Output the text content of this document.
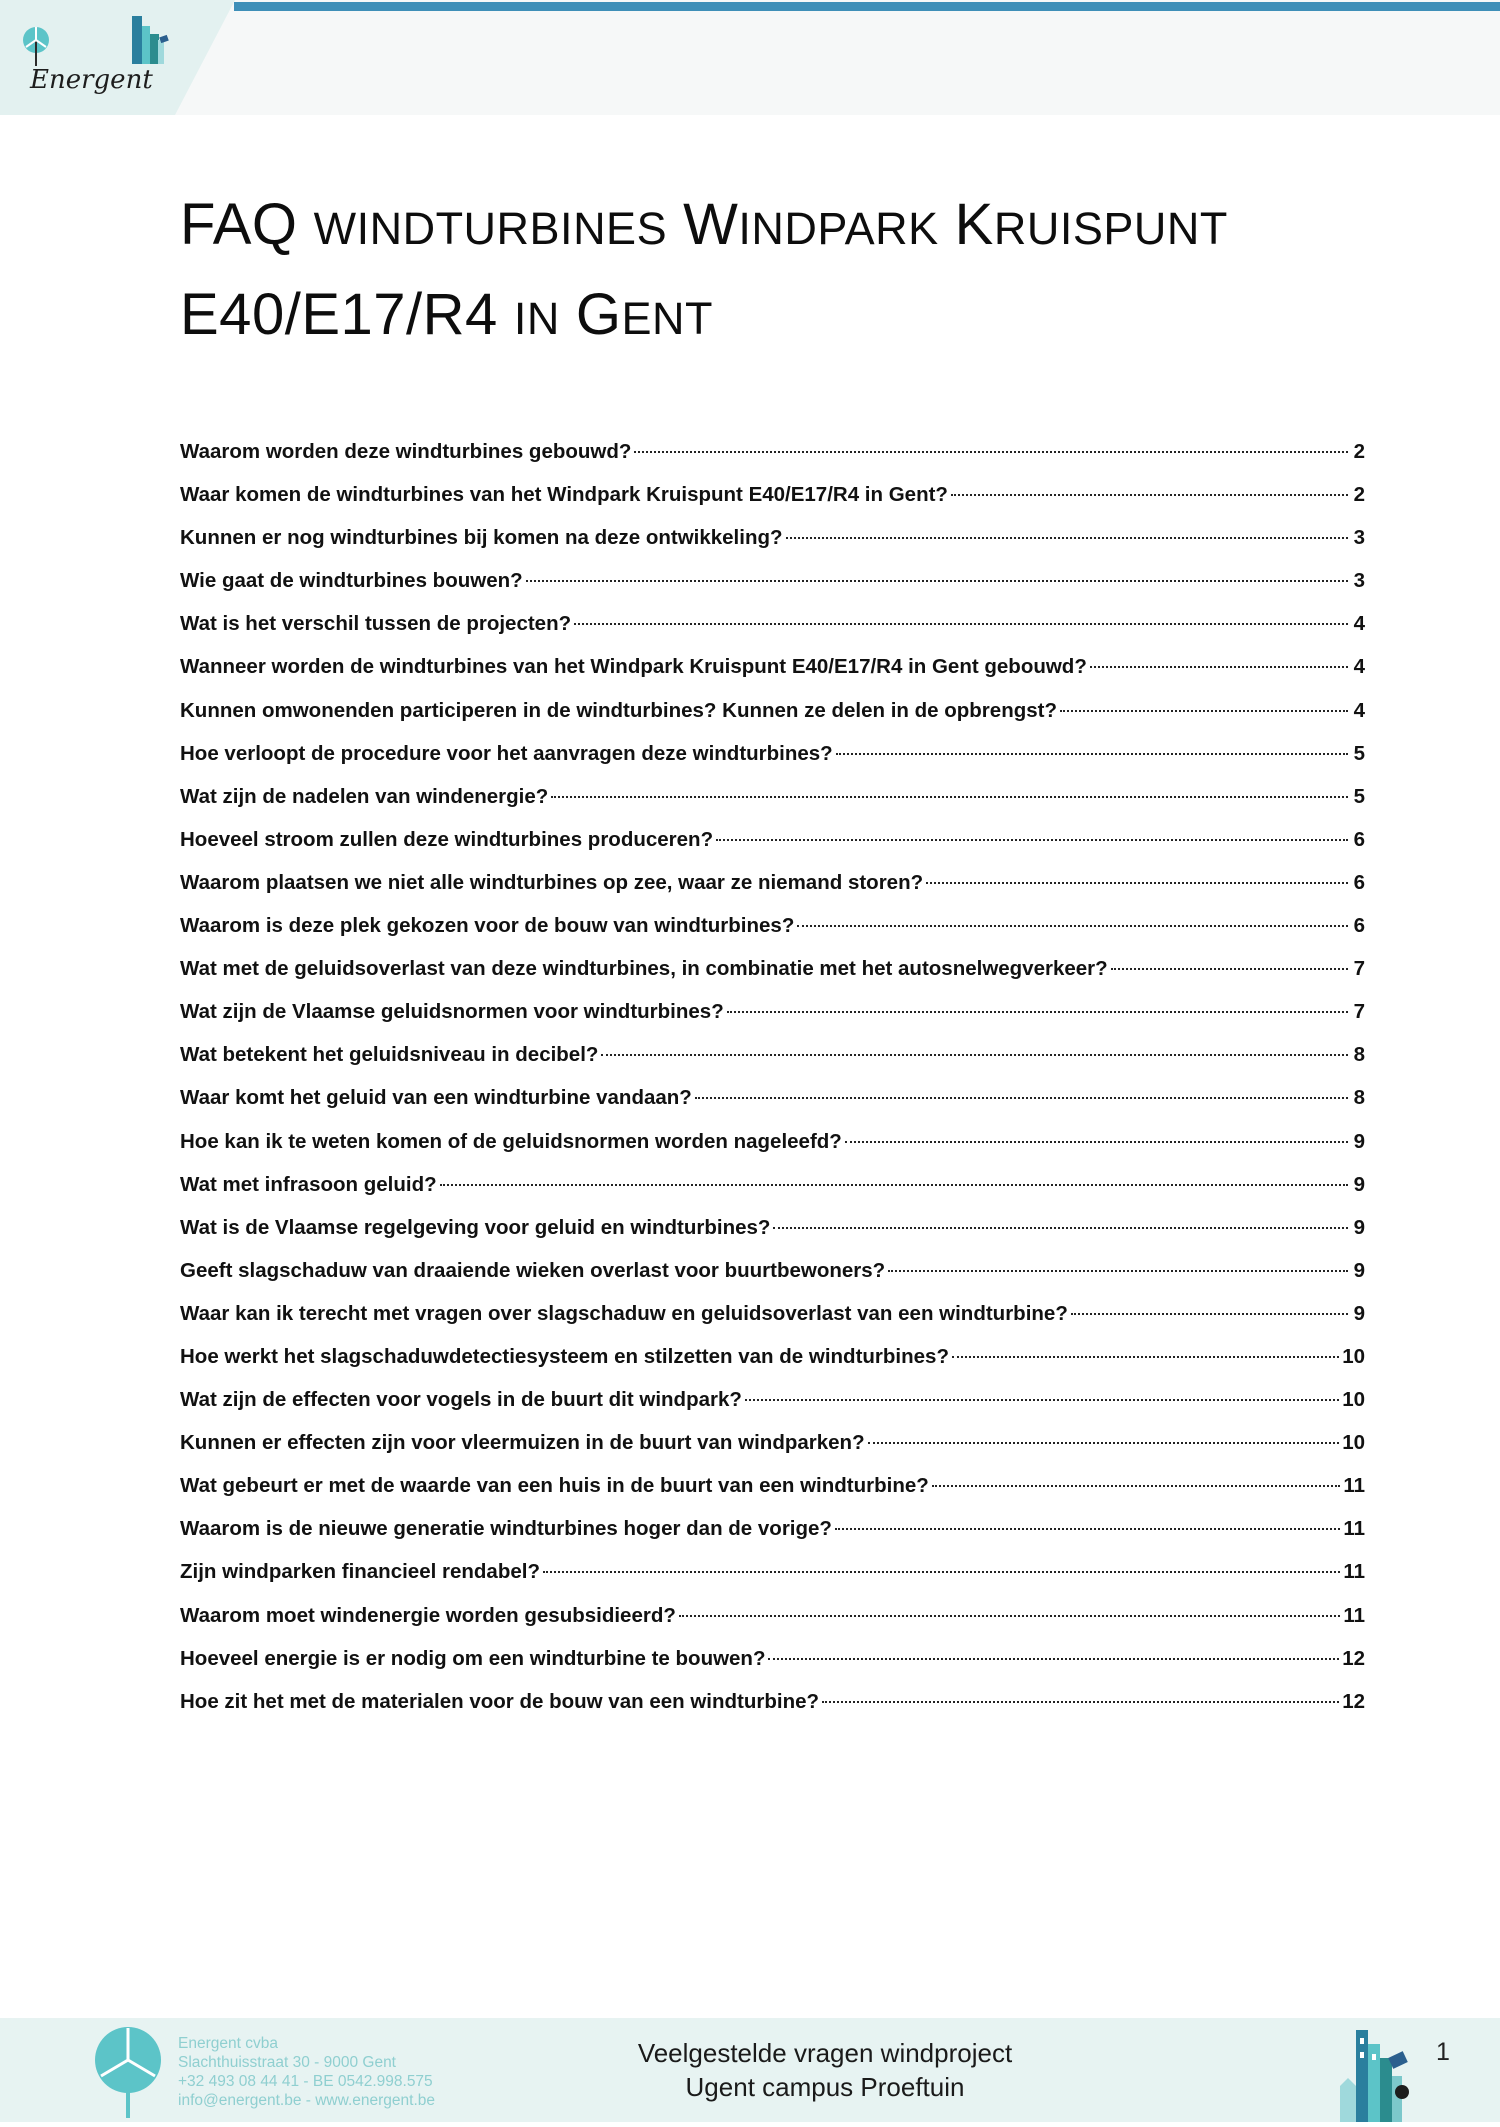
Energent
FAQ WINDTURBINES WINDPARK KRUISPUNT
E40/E17/R4 IN GENT
Waarom worden deze windturbines gebouwd?	2
Waar komen de windturbines van het Windpark Kruispunt E40/E17/R4 in Gent?	2
Kunnen er nog windturbines bij komen na deze ontwikkeling?	3
Wie gaat de windturbines bouwen?	3
Wat is het verschil tussen de projecten?	4
Wanneer worden de windturbines van het Windpark Kruispunt E40/E17/R4 in Gent gebouwd?	4
Kunnen omwonenden participeren in de windturbines? Kunnen ze delen in de opbrengst?	4
Hoe verloopt de procedure voor het aanvragen deze windturbines?	5
Wat zijn de nadelen van windenergie?	5
Hoeveel stroom zullen deze windturbines produceren?	6
Waarom plaatsen we niet alle windturbines op zee, waar ze niemand storen?	6
Waarom is deze plek gekozen voor de bouw van windturbines?	6
Wat met de geluidsoverlast van deze windturbines, in combinatie met het autosnelwegverkeer?	7
Wat zijn de Vlaamse geluidsnormen voor windturbines?	7
Wat betekent het geluidsniveau in decibel?	8
Waar komt het geluid van een windturbine vandaan?	8
Hoe kan ik te weten komen of de geluidsnormen worden nageleefd?	9
Wat met infrasoon geluid?	9
Wat is de Vlaamse regelgeving voor geluid en windturbines?	9
Geeft slagschaduw van draaiende wieken overlast voor buurtbewoners?	9
Waar kan ik terecht met vragen over slagschaduw en geluidsoverlast van een windturbine?	9
Hoe werkt het slagschaduwdetectiesysteem en stilzetten van de windturbines?	10
Wat zijn de effecten voor vogels in de buurt dit windpark?	10
Kunnen er effecten zijn voor vleermuizen in de buurt van windparken?	10
Wat gebeurt er met de waarde van een huis in de buurt van een windturbine?	11
Waarom is de nieuwe generatie windturbines hoger dan de vorige?	11
Zijn windparken financieel rendabel?	11
Waarom moet windenergie worden gesubsidieerd?	11
Hoeveel energie is er nodig om een windturbine te bouwen?	12
Hoe zit het met de materialen voor de bouw van een windturbine?	12
Energent cvba
Slachthuisstraat 30 - 9000 Gent
+32 493 08 44 41 - BE 0542.998.575
info@energent.be - www.energent.be
Veelgestelde vragen windproject
Ugent campus Proeftuin
1
